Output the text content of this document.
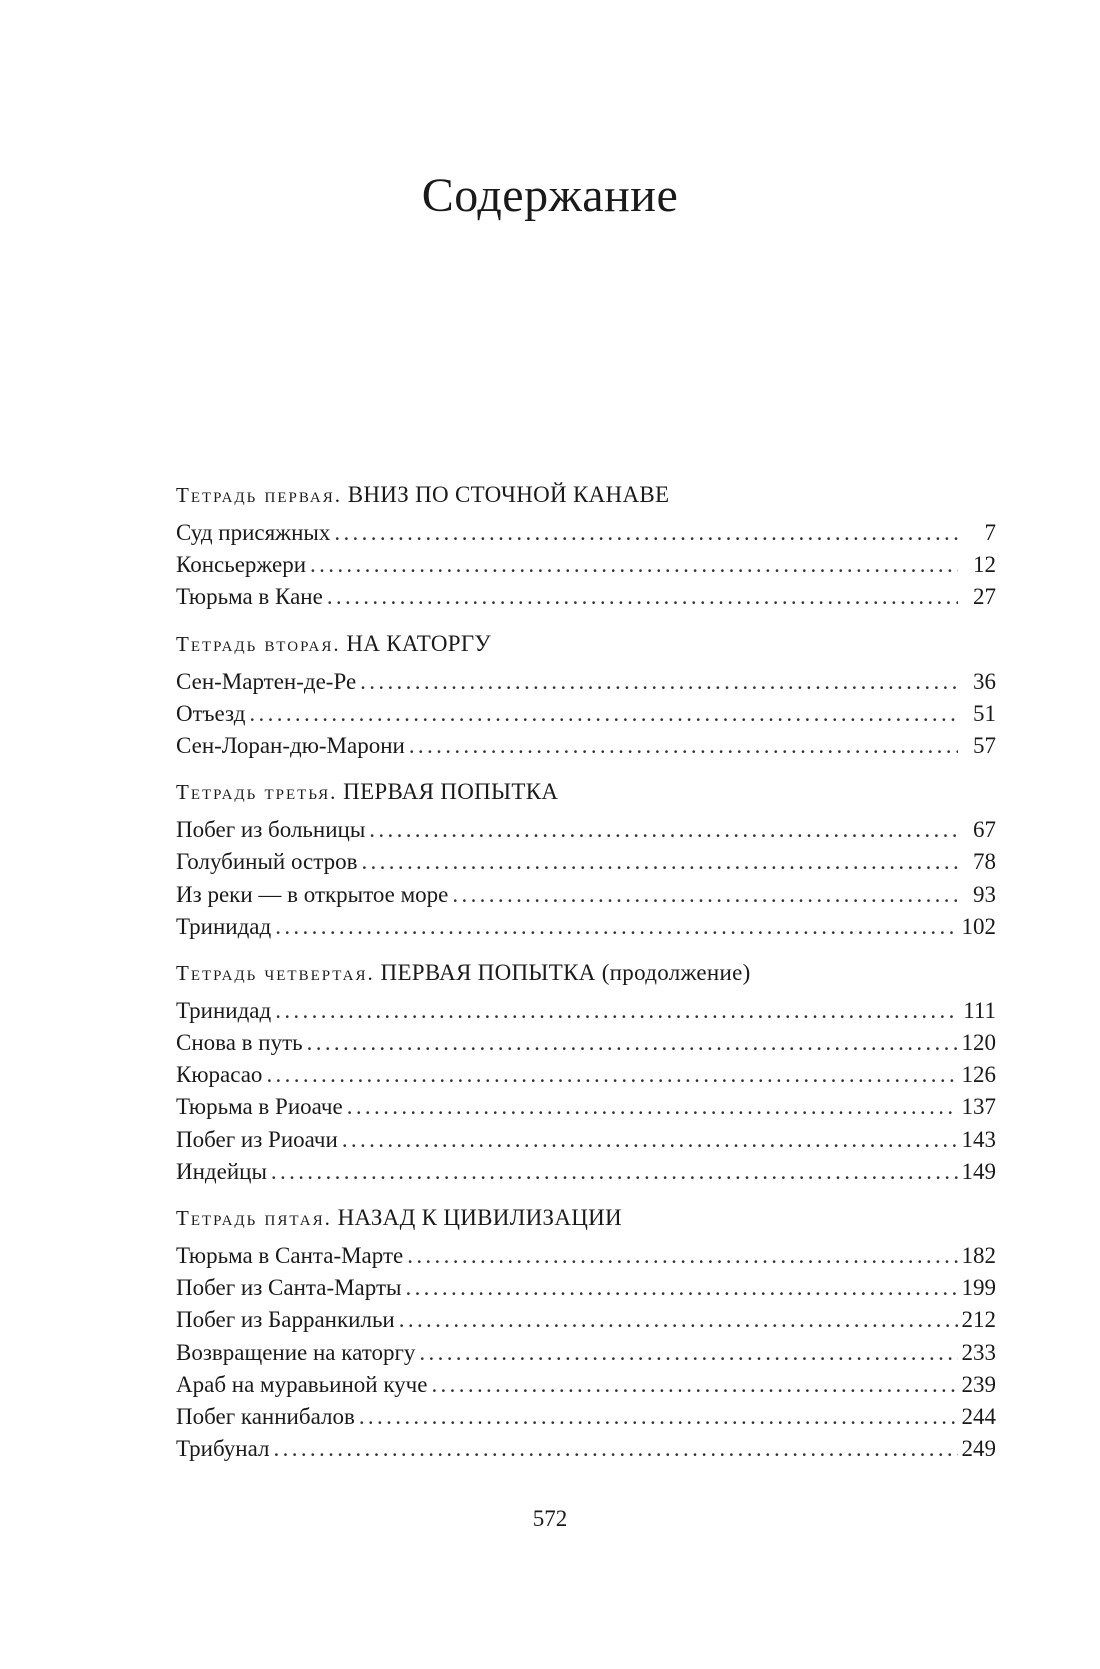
Содержание
Тетрадь первая. ВНИЗ ПО СТОЧНОЙ КАНАВЕ
Суд присяжных . . .	7
Консьержери . . .	12
Тюрьма в Кане . . .	27
Тетрадь вторая. НА КАТОРГУ
Сен-Мартен-де-Ре . . .	36
Отъезд . . .	51
Сен-Лоран-дю-Марони . . .	57
Тетрадь третья. ПЕРВАЯ ПОПЫТКА
Побег из больницы . . .	67
Голубиный остров . . .	78
Из реки — в открытое море . . .	93
Тринидад . . .	102
Тетрадь четвертая. ПЕРВАЯ ПОПЫТКА (продолжение)
Тринидад . . .	111
Снова в путь . . .	120
Кюрасао . . .	126
Тюрьма в Риоаче . . .	137
Побег из Риоачи . . .	143
Индейцы . . .	149
Тетрадь пятая. НАЗАД К ЦИВИЛИЗАЦИИ
Тюрьма в Санта-Марте . . .	182
Побег из Санта-Марты . . .	199
Побег из Барранкильи . . .	212
Возвращение на каторгу . . .	233
Араб на муравьиной куче . . .	239
Побег каннибалов . . .	244
Трибунал . . .	249
572
